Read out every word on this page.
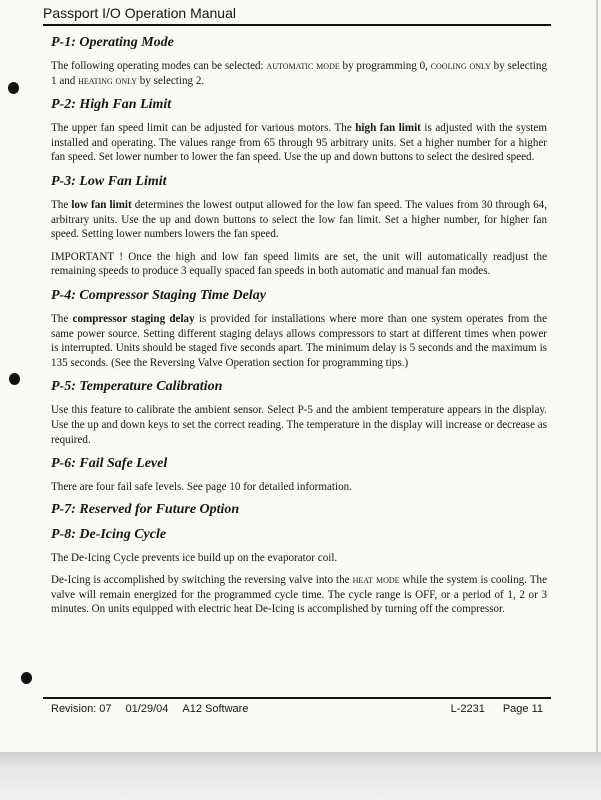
Passport I/O Operation Manual
P-1: Operating Mode

The following operating modes can be selected: automatic mode by programming 0, cooling only by selecting 1 and heating only by selecting 2.

P-2: High Fan Limit

The upper fan speed limit can be adjusted for various motors. The high fan limit is adjusted with the system installed and operating. The values range from 65 through 95 arbitrary units. Set a higher number for a higher fan speed. Set lower number to lower the fan speed. Use the up and down buttons to select the desired speed.

P-3: Low Fan Limit

The low fan limit determines the lowest output allowed for the low fan speed. The values from 30 through 64, arbitrary units. Use the up and down buttons to select the low fan limit. Set a higher number, for higher fan speed. Setting lower numbers lowers the fan speed.

IMPORTANT ! Once the high and low fan speed limits are set, the unit will automatically readjust the remaining speeds to produce 3 equally spaced fan speeds in both automatic and manual fan modes.

P-4: Compressor Staging Time Delay

The compressor staging delay is provided for installations where more than one system operates from the same power source. Setting different staging delays allows compressors to start at different times when power is interrupted. Units should be staged five seconds apart. The minimum delay is 5 seconds and the maximum is 135 seconds. (See the Reversing Valve Operation section for programming tips.)

P-5: Temperature Calibration

Use this feature to calibrate the ambient sensor. Select P-5 and the ambient temperature appears in the display. Use the up and down keys to set the correct reading. The temperature in the display will increase or decrease as required.

P-6: Fail Safe Level

There are four fail safe levels. See page 10 for detailed information.

P-7: Reserved for Future Option
P-8: De-Icing Cycle

The De-Icing Cycle prevents ice build up on the evaporator coil.

De-Icing is accomplished by switching the reversing valve into the heat mode while the system is cooling. The valve will remain energized for the programmed cycle time. The cycle range is OFF, or a period of 1, 2 or 3 minutes. On units equipped with electric heat De-Icing is accomplished by turning off the compressor.

Revision: 07 01/29/04 A12 Software	L-2231 Page 11
